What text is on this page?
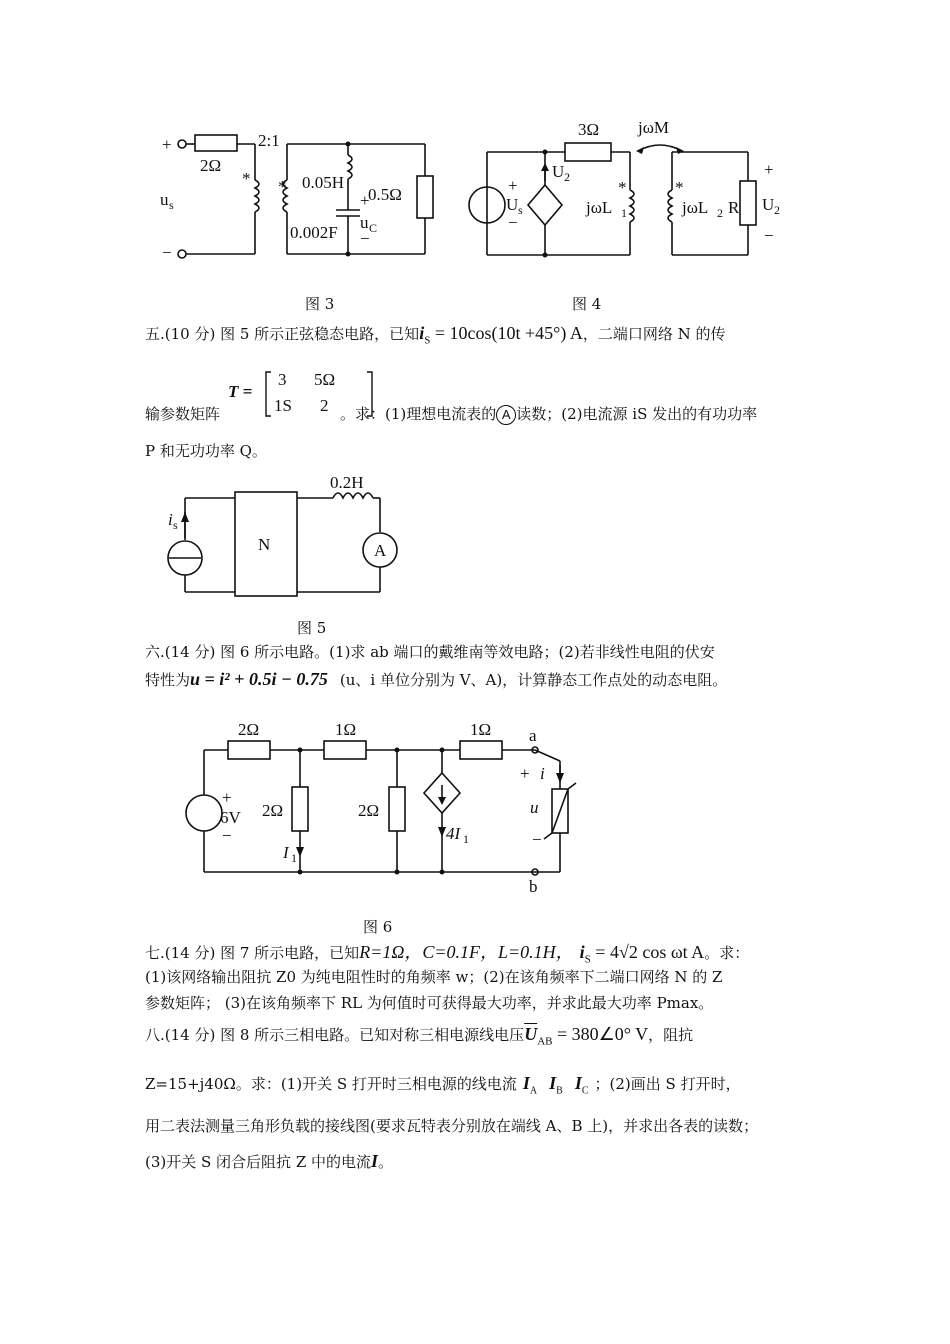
+
2Ω
2:1
−
u s
* * 0.05H
0.002F
+
u C
−
0.5Ω
图 3
3Ω
+
U s
−
U 2
*
jωL 1
jωM
*
jωL 2 R
+
U 2
−
图 4
五.(10 分) 图 5 所示正弦稳态电路，已知$i_S = 10\cos(10t +45^\circ)$ A，二端口网络 N 的传
T =
3 5Ω
1S 2
输参数矩阵	。求：(1)理想电流表的 A 读数；(2)电流源 iS 发出的有功功率
P 和无功功率 Q。
i s
N
0.2H
A
图 5
六.(14 分) 图 6 所示电路。(1)求 ab 端口的戴维南等效电路；(2)若非线性电阻的伏安
特性为u = i² + 0.5i − 0.75 (u、i 单位分别为 V、A)，计算静态工作点处的动态电阻。
2Ω	1Ω	1Ω a
+
6V
−
2Ω
I 1
2Ω
4I 1
i
+
u
−
b
图 6
七.(14 分) 图 7 所示电路，已知R=1Ω，C=0.1F，L=0.1H， $i_S = 4√2$ cos ωt A。求：
(1)该网络输出阻抗 Z0 为纯电阻性时的角频率 w；(2)在该角频率下二端口网络 N 的 Z
参数矩阵； (3)在该角频率下 RL 为何值时可获得最大功率，并求此最大功率 Pmax。
八.(14 分) 图 8 所示三相电路。已知对称三相电源线电压$\overline{U}_{AB}$ = 380∠0° V，阻抗
Z=15+j40Ω。求：(1)开关 S 打开时三相电源的线电流 $I_A$ $I_B$ $I_C$ ；(2)画出 S 打开时，
用二表法测量三角形负载的接线图(要求瓦特表分别放在端线 A、B 上)，并求出各表的读数；
(3)开关 S 闭合后阻抗 Z 中的电流I。
